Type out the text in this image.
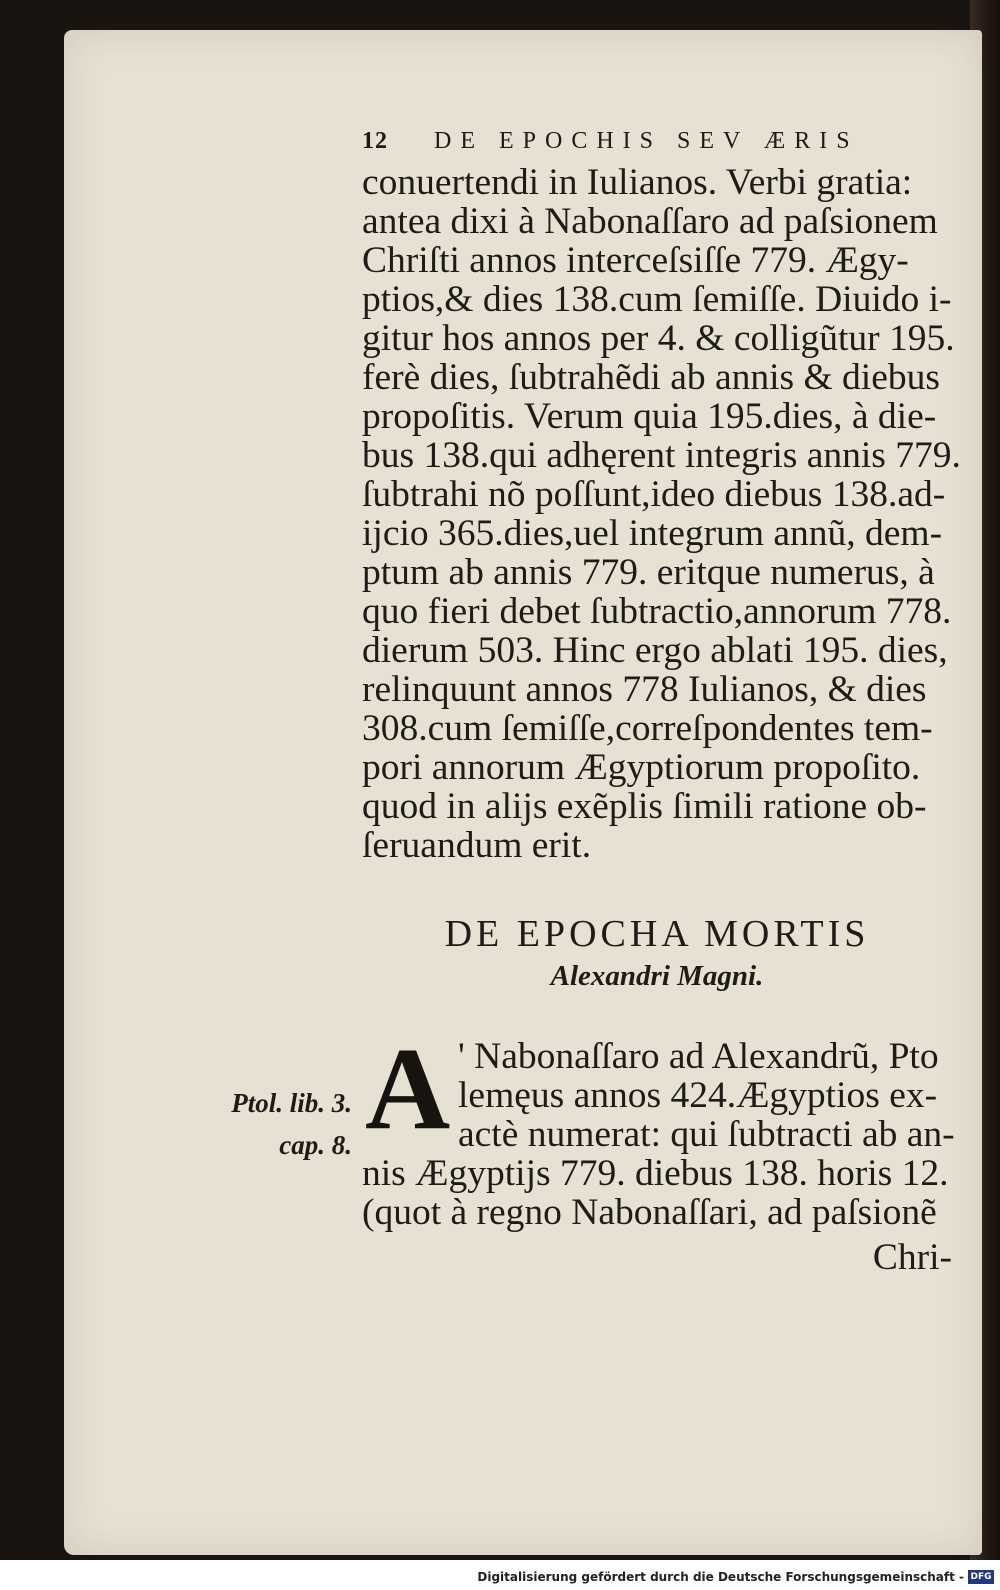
12 DE EPOCHIS SEV ÆRIS
conuertendi in Iulianos. Verbi gratia:
antea dixi à Nabonaſſaro ad paſsionem
Chriſti annos interceſsiſſe 779. Ægy-
ptios,& dies 138.cum ſemiſſe. Diuido i-
gitur hos annos per 4. & colligũtur 195.
ferè dies, ſubtrahẽdi ab annis & diebus
propoſitis. Verum quia 195.dies, à die-
bus 138.qui adhęrent integris annis 779.
ſubtrahi nõ poſſunt,ideo diebus 138.ad-
ijcio 365.dies,uel integrum annũ, dem-
ptum ab annis 779. eritque numerus, à
quo fieri debet ſubtractio,annorum 778.
dierum 503. Hinc ergo ablati 195. dies,
relinquunt annos 778 Iulianos, & dies
308.cum ſemiſſe,correſpondentes tem-
pori annorum Ægyptiorum propoſito.
quod in alijs exẽplis ſimili ratione ob-
ſeruandum erit.
DE EPOCHA MORTIS
Alexandri Magni.
A
Ptol. lib. 3.
cap. 8.
' Nabonaſſaro ad Alexandrũ, Pto
lemęus annos 424.Ægyptios ex-
actè numerat: qui ſubtracti ab an-
nis Ægyptijs 779. diebus 138. horis 12.
(quot à regno Nabonaſſari, ad paſsionẽ
Chri-
Digitalisierung gefördert durch die Deutsche Forschungsgemeinschaft - DFG
